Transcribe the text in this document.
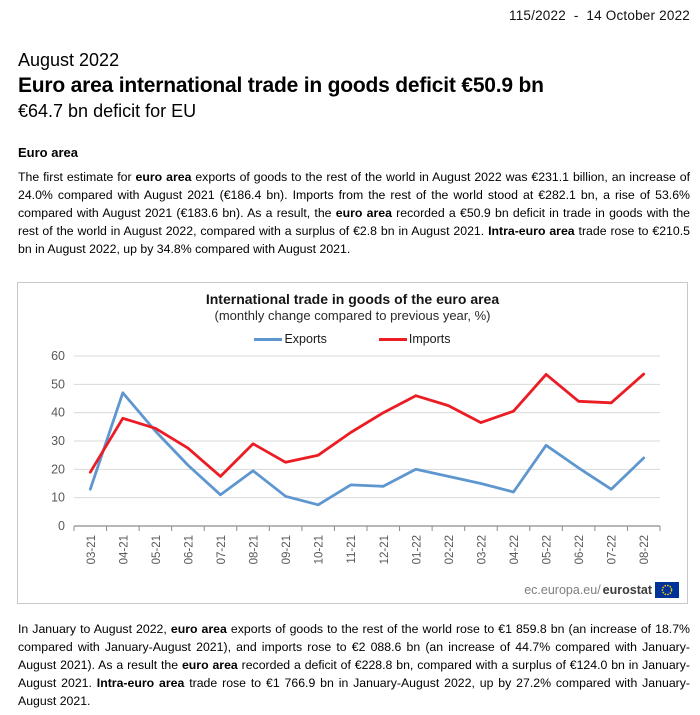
115/2022  -  14 October 2022
August 2022
Euro area international trade in goods deficit €50.9 bn
€64.7 bn deficit for EU
Euro area

The first estimate for euro area exports of goods to the rest of the world in August 2022 was €231.1 billion, an increase of 24.0% compared with August 2021 (€186.4 bn). Imports from the rest of the world stood at €282.1 bn, a rise of 53.6% compared with August 2021 (€183.6 bn). As a result, the euro area recorded a €50.9 bn deficit in trade in goods with the rest of the world in August 2022, compared with a surplus of €2.8 bn in August 2021. Intra-euro area trade rose to €210.5 bn in August 2022, up by 34.8% compared with August 2021.

International trade in goods of the euro area
(monthly change compared to previous year, %)
Exports	Imports
0
10
20
30
40
50
60
03-21 04-21 05-21 06-21 07-21 08-21 09-21 10-21 11-21 12-21 01-22 02-22 03-22 04-22 05-22 06-22 07-22 08-22
ec.europa.eu/ eurostat

In January to August 2022, euro area exports of goods to the rest of the world rose to €1 859.8 bn (an increase of 18.7% compared with January-August 2021), and imports rose to €2 088.6 bn (an increase of 44.7% compared with January-August 2021). As a result the euro area recorded a deficit of €228.8 bn, compared with a surplus of €124.0 bn in January-August 2021. Intra-euro area trade rose to €1 766.9 bn in January-August 2022, up by 27.2% compared with January-August 2021.
